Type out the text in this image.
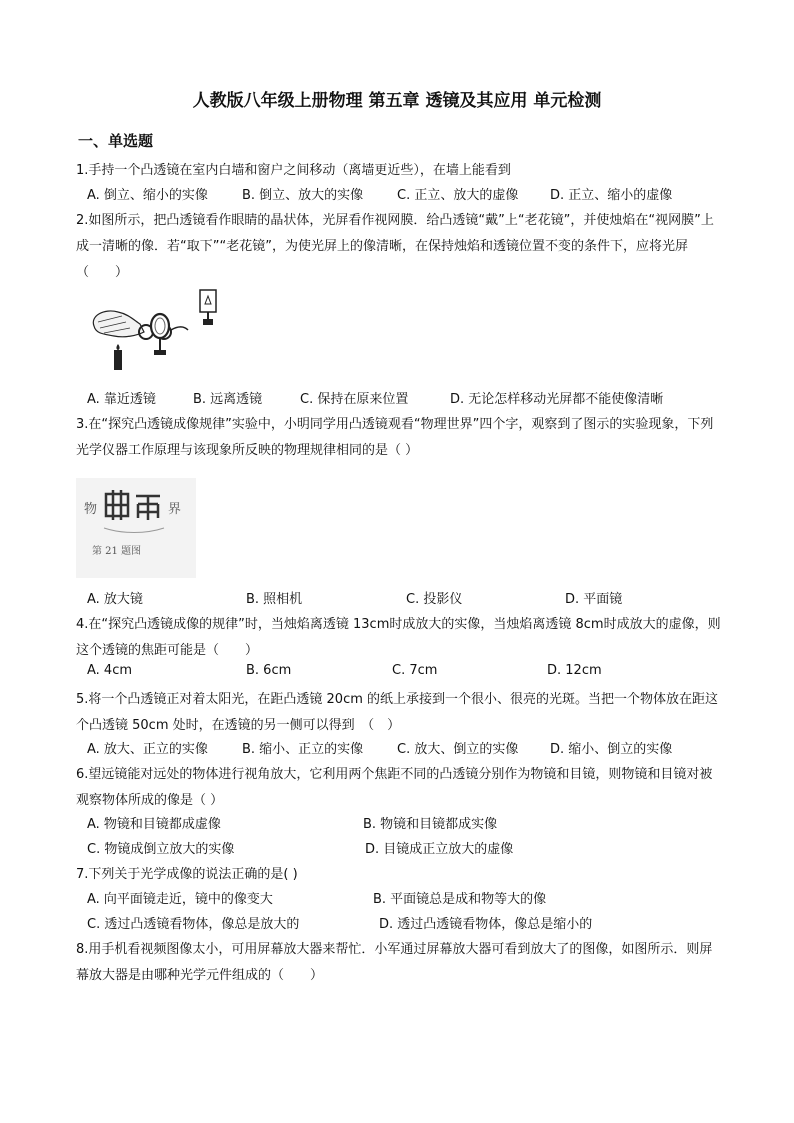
人教版八年级上册物理 第五章 透镜及其应用 单元检测
一、单选题
1.手持一个凸透镜在室内白墙和窗户之间移动（离墙更近些），在墙上能看到
A. 倒立、缩小的实像	B. 倒立、放大的实像	C. 正立、放大的虚像 D. 正立、缩小的虚像
2.如图所示，把凸透镜看作眼睛的晶状体，光屏看作视网膜．给凸透镜“戴”上“老花镜”，并使烛焰在“视网膜”上成一清晰的像．若“取下”“老花镜”，为使光屏上的像清晰，在保持烛焰和透镜位置不变的条件下，应将光屏（　　）
A. 靠近透镜	B. 远离透镜	C. 保持在原来位置	D. 无论怎样移动光屏都不能使像清晰
3.在“探究凸透镜成像规律”实验中，小明同学用凸透镜观看“物理世界”四个字，观察到了图示的实验现象，下列光学仪器工作原理与该现象所反映的物理规律相同的是（ ）
物	界
第 21 题图
A. 放大镜	B. 照相机	C. 投影仪	D. 平面镜
4.在“探究凸透镜成像的规律”时，当烛焰离透镜 13cm时成放大的实像，当烛焰离透镜 8cm时成放大的虚像，则这个透镜的焦距可能是（　　）
A. 4cm	B. 6cm	C. 7cm	D. 12cm
5.将一个凸透镜正对着太阳光，在距凸透镜 20cm 的纸上承接到一个很小、很亮的光斑。当把一个物体放在距这个凸透镜 50cm 处时，在透镜的另一侧可以得到　（　）
A. 放大、正立的实像	B. 缩小、正立的实像	C. 放大、倒立的实像 D. 缩小、倒立的实像
6.望远镜能对远处的物体进行视角放大，它利用两个焦距不同的凸透镜分别作为物镜和目镜，则物镜和目镜对被观察物体所成的像是（ ）
A. 物镜和目镜都成虚像	B. 物镜和目镜都成实像
C. 物镜成倒立放大的实像	D. 目镜成正立放大的虚像
7.下列关于光学成像的说法正确的是( )
A. 向平面镜走近，镜中的像变大	B. 平面镜总是成和物等大的像
C. 透过凸透镜看物体，像总是放大的	D. 透过凸透镜看物体，像总是缩小的
8.用手机看视频图像太小，可用屏幕放大器来帮忙．小军通过屏幕放大器可看到放大了的图像，如图所示．则屏幕放大器是由哪种光学元件组成的（　　）
